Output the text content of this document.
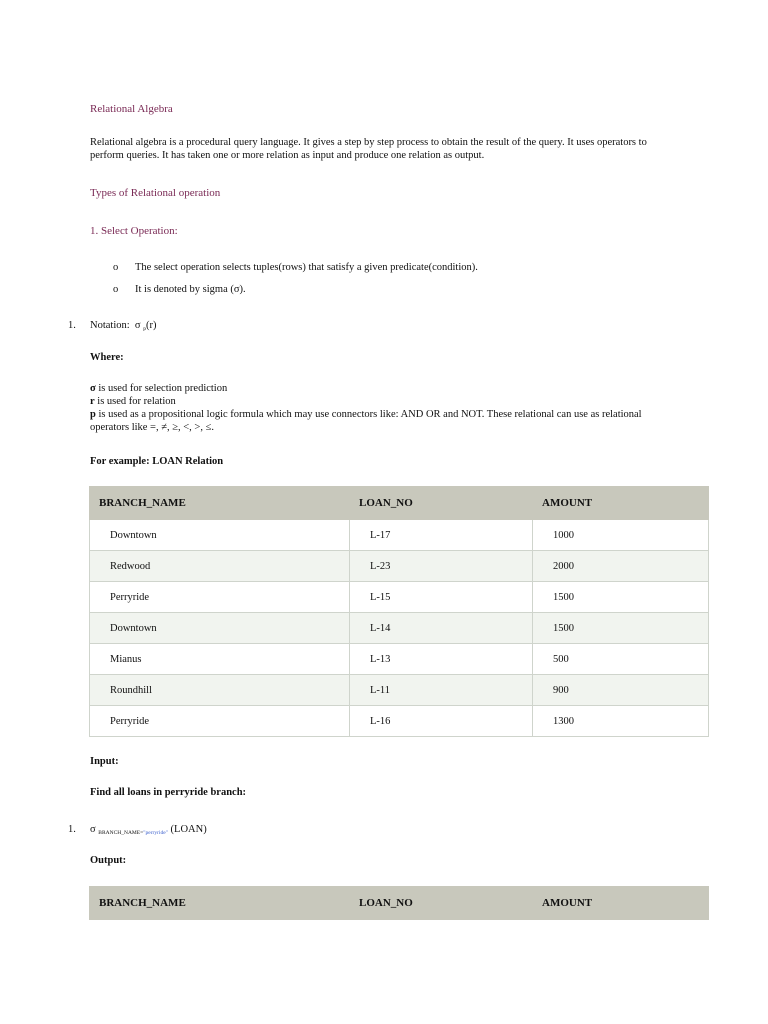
Relational Algebra
Relational algebra is a procedural query language. It gives a step by step process to obtain the result of the query. It uses operators to perform queries. It has taken one or more relation as input and produce one relation as output.
Types of Relational operation
1. Select Operation:
o The select operation selects tuples(rows) that satisfy a given predicate(condition).
o It is denoted by sigma (σ).
1. Notation: σ $_p$(r)
Where:
σ is used for selection prediction
r is used for relation
p is used as a propositional logic formula which may use connectors like: AND OR and NOT. These relational can use as relational operators like =, ≠, ≥, <, >, ≤.
For example: LOAN Relation
BRANCH_NAME	LOAN_NO	AMOUNT
Downtown	L-17	1000
Redwood	L-23	2000
Perryride	L-15	1500
Downtown	L-14	1500
Mianus	L-13	500
Roundhill	L-11	900
Perryride	L-16	1300
Input:
Find all loans in perryride branch:
1. σ $_{BRANCH\_NAME="perryride"}$ (LOAN)
Output:
BRANCH_NAME	LOAN_NO	AMOUNT
